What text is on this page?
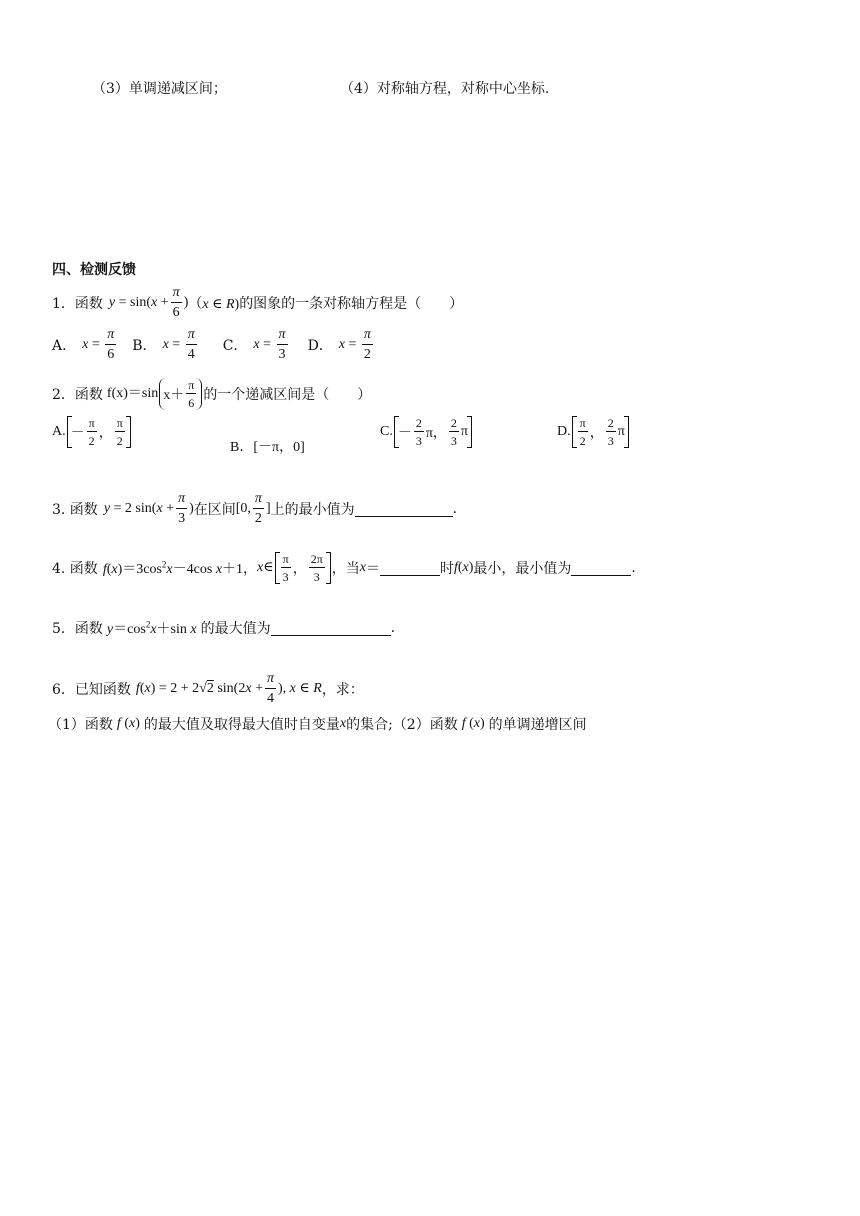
（3）单调递减区间；	（4）对称轴方程，对称中心坐标.
四、检测反馈
1．函数 $y = \sin(x + \frac{\pi}{6}$ ) （x ∈ R) 的图象的一条对称轴方程是（　　）
A． $x = \frac{\pi}{6}$ B． $x = \frac{\pi}{4}$ C． $x = \frac{\pi}{3}$ D． $x = \frac{\pi}{2}$
2．函数 f(x)＝sin $x+ \frac{\pi}{6}$ 的一个递减区间是（　　）
A. － $\frac{\pi}{2}$ ， $\frac{\pi}{2}$
B．[－π，0]
C. － $\frac{2}{3}$ π， $\frac{2}{3}$ π	D. $\frac{\pi}{2}$ ， $\frac{2}{3}$ π
3. 函数 y = 2 $\sin(x + \frac{\pi}{3}$ ) 在区间 [0, $\frac{\pi}{2}$ ] 上的最小值为	.
4. 函数 $f(x)=3\cos^2x-4\cos$ x＋1 ， x∈ $\frac{\pi}{3}$ ， $\frac{2\pi}{3}$ ，当 x ＝	时 f (x) 最小，最小值为	.
5．函数 $y=\cos^2x+\sin$ x 的最大值为	.
6．已知函数 f(x) = 2 + 2√2 $\sin(2x + \frac{\pi}{4}$ ), x ∈ R ，求：
（1）函数 f (x) 的最大值及取得最大值时自变量 x 的集合;（2）函数 f (x) 的单调递增区间
